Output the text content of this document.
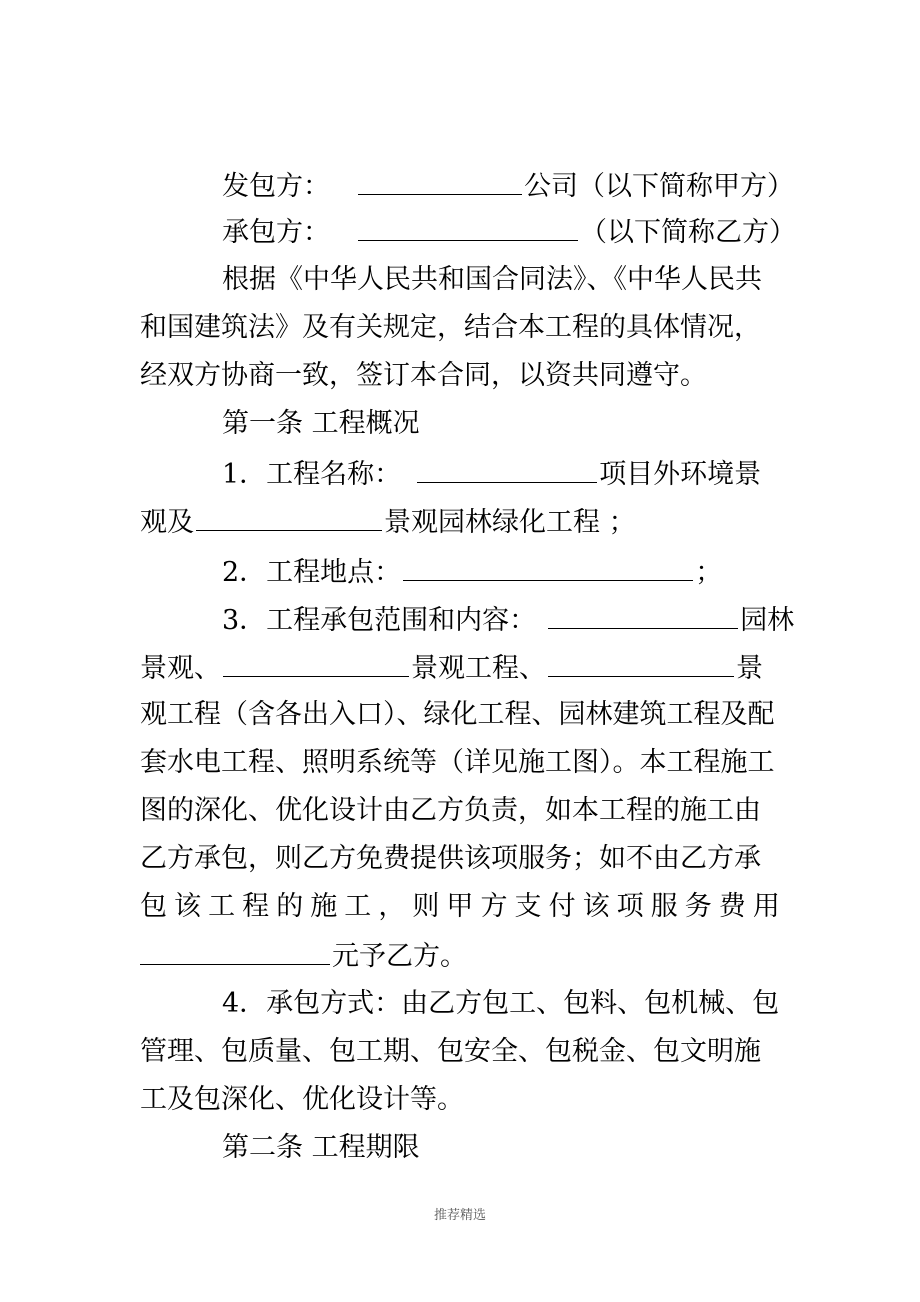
发包方：	公司（以下简称甲方）
承包方：	（以下简称乙方）
根据《中华人民共和国合同法》、《中华人民共
和国建筑法》及有关规定，结合本工程的具体情况，
经双方协商一致，签订本合同，以资共同遵守。
第一条 工程概况
1．工程名称：	项目外环境景
观及	景观园林绿化工程 ；
2．工程地点：	；
3．工程承包范围和内容：	园林
景观、	景观工程、	景
观工程（含各出入口）、绿化工程、园林建筑工程及配
套水电工程、照明系统等（详见施工图）。本工程施工
图的深化、优化设计由乙方负责，如本工程的施工由
乙方承包，则乙方免费提供该项服务；如不由乙方承
包 该 工 程 的 施 工 ， 则 甲 方 支 付 该 项 服 务 费 用
元予乙方。
4．承包方式：由乙方包工、包料、包机械、包
管理、包质量、包工期、包安全、包税金、包文明施
工及包深化、优化设计等。
第二条 工程期限
推荐精选
